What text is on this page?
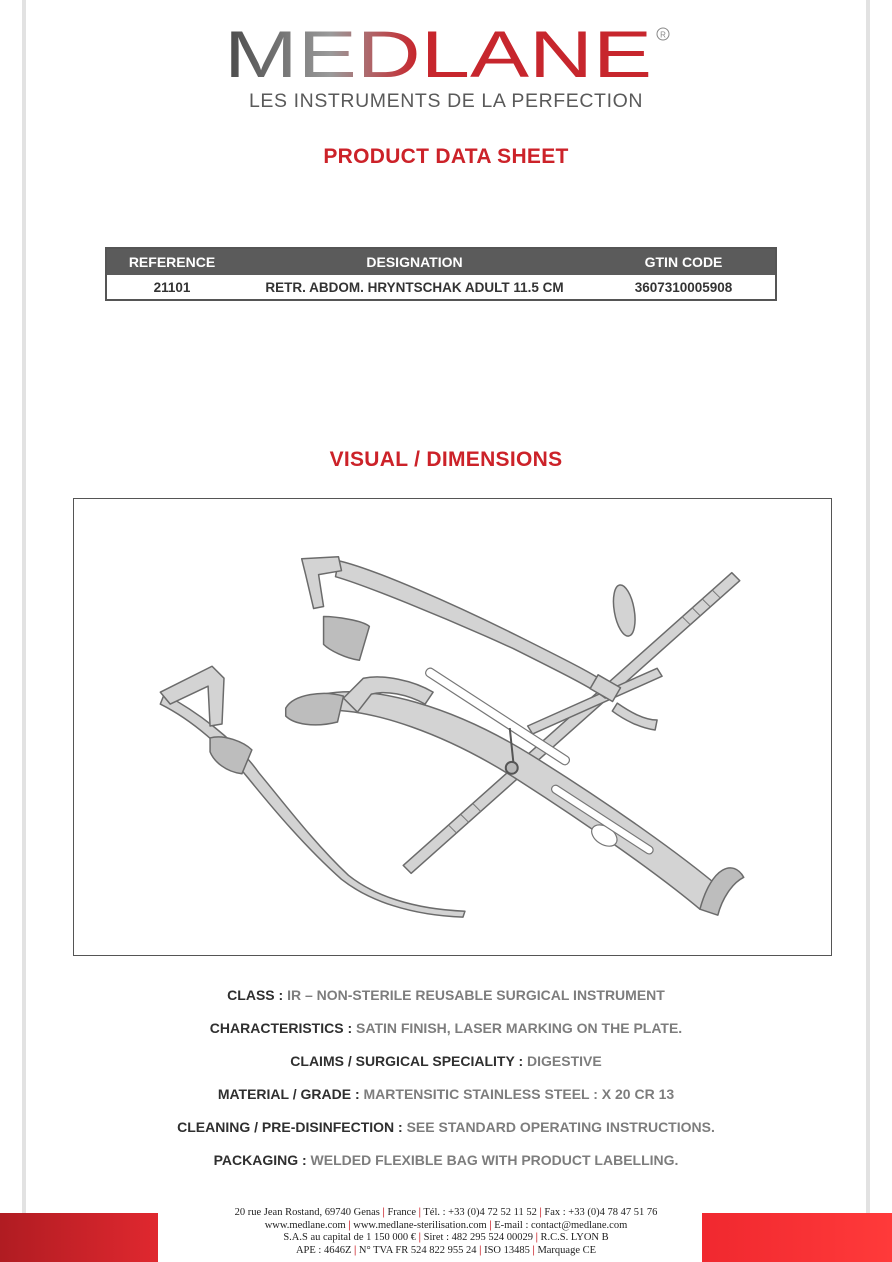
MEDLANE R
LES INSTRUMENTS DE LA PERFECTION
PRODUCT DATA SHEET
REFERENCE	DESIGNATION	GTIN CODE
21101	RETR. ABDOM. HRYNTSCHAK ADULT 11.5 CM	3607310005908
VISUAL / DIMENSIONS
CLASS : IR – NON-STERILE REUSABLE SURGICAL INSTRUMENT
CHARACTERISTICS : SATIN FINISH, LASER MARKING ON THE PLATE.
CLAIMS / SURGICAL SPECIALITY : DIGESTIVE
MATERIAL / GRADE : MARTENSITIC STAINLESS STEEL : X 20 CR 13
CLEANING / PRE-DISINFECTION : SEE STANDARD OPERATING INSTRUCTIONS.
PACKAGING : WELDED FLEXIBLE BAG WITH PRODUCT LABELLING.
20 rue Jean Rostand, 69740 Genas | France | Tél. : +33 (0)4 72 52 11 52 | Fax : +33 (0)4 78 47 51 76
www.medlane.com | www.medlane-sterilisation.com | E-mail : contact@medlane.com
S.A.S au capital de 1 150 000 € | Siret : 482 295 524 00029 | R.C.S. LYON B
APE : 4646Z | N° TVA FR 524 822 955 24 | ISO 13485 | Marquage CE
